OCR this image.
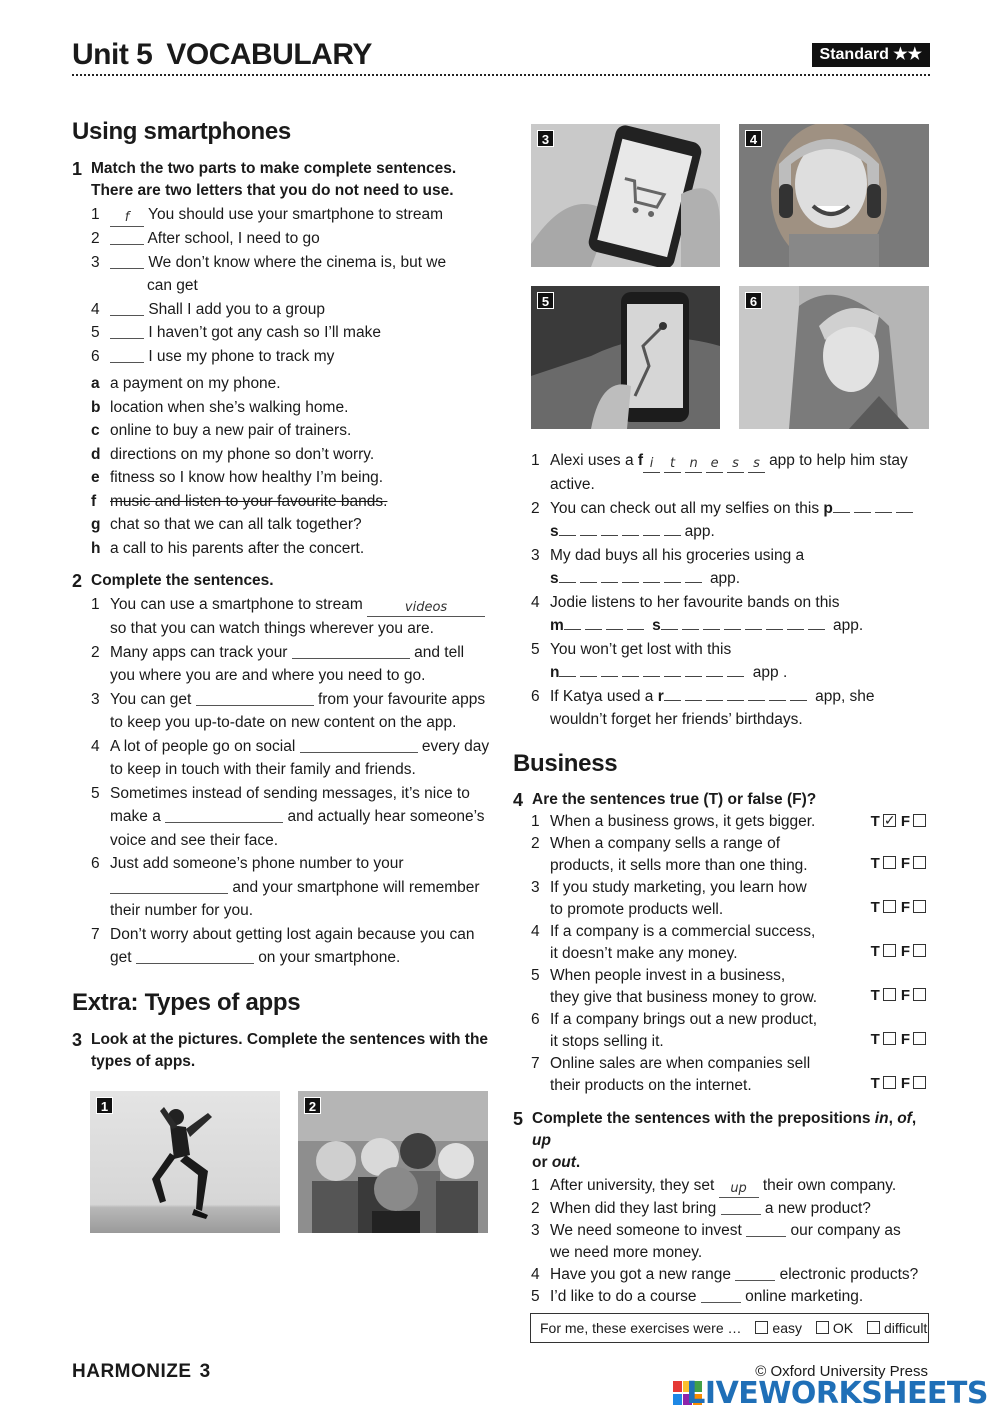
Unit 5 VOCABULARY	Standard ★★
Using smartphones
1 Match the two parts to make complete sentences. There are two letters that you do not need to use.
1	f You should use your smartphone to stream
2	After school, I need to go
3	We don’t know where the cinema is, but we
can get
4	Shall I add you to a group
5	I haven’t got any cash so I’ll make
6	I use my phone to track my
a a payment on my phone.
b location when she’s walking home.
c online to buy a new pair of trainers.
d directions on my phone so don’t worry.
e fitness so I know how healthy I’m being.
f music and listen to your favourite bands.
g chat so that we can all talk together?
h a call to his parents after the concert.
2 Complete the sentences.
1 You can use a smartphone to stream	videos
so that you can watch things wherever you are.
2 Many apps can track your	and tell
you where you are and where you need to go.
3 You can get	from your favourite apps
to keep you up-to-date on new content on the app.
4 A lot of people go on social	every day
to keep in touch with their family and friends.
5 Sometimes instead of sending messages, it’s nice to
make a	and actually hear someone’s
voice and see their face.
6 Just add someone’s phone number to your
and your smartphone will remember
their number for you.
7 Don’t worry about getting lost again because you can
get	on your smartphone.
Extra: Types of apps
3 Look at the pictures. Complete the sentences with the types of apps.
1	2
3	4
5	6
1 Alexi uses a f i t n e s s app to help him stay
active.
2 You can check out all my selfies on this p
s	app.
3 My dad buys all his groceries using a
s	app.
4 Jodie listens to her favourite bands on this
m	s	app.
5 You won’t get lost with this
n	app .
6 If Katya used a r	app, she
wouldn’t forget her friends’ birthdays.
Business
4 Are the sentences true (T) or false (F)?
1 When a business grows, it gets bigger.	T ✓ F
2 When a company sells a range of
products, it sells more than one thing.	T F
3 If you study marketing, you learn how
to promote products well.	T F
4 If a company is a commercial success,
it doesn’t make any money.	T F
5 When people invest in a business,
they give that business money to grow.	T F
6 If a company brings out a new product,
it stops selling it.	T F
7 Online sales are when companies sell
their products on the internet.	T F
5 Complete the sentences with the prepositions in, of, up
or out.
1 After university, they set up their own company.
2 When did they last bring	a new product?
3 We need someone to invest	our company as
we need more money.
4 Have you got a new range	electronic products?
5 I’d like to do a course	online marketing.
For me, these exercises were … easy OK difficult
HARMONIZE 3	© Oxford University Press
LIVEWORKSHEETS
